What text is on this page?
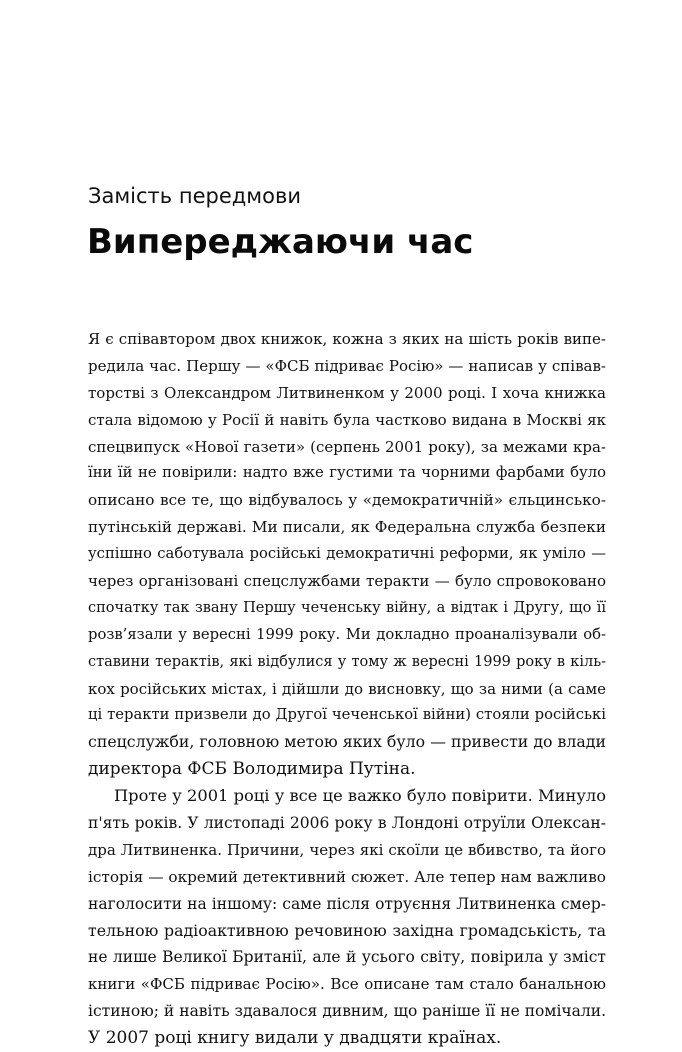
Замість передмови
Випереджаючи час
Я є співавтором двох книжок, кожна з яких на шість років випе-
редила час. Першу — «ФСБ підриває Росію» — написав у співав-
торстві з Олександром Литвиненком у 2000 році. І хоча книжка
стала відомою у Росії й навіть була частково видана в Москві як
спецвипуск «Нової газети» (серпень 2001 року), за межами кра-
їни їй не повірили: надто вже густими та чорними фарбами було
описано все те, що відбувалось у «демократичній» єльцинсько-
путінській державі. Ми писали, як Федеральна служба безпеки
успішно саботувала російські демократичні реформи, як уміло —
через організовані спецслужбами теракти — було спровоковано
спочатку так звану Першу чеченську війну, а відтак і Другу, що її
розв’язали у вересні 1999 року. Ми докладно проаналізували об-
ставини терактів, які відбулися у тому ж вересні 1999 року в кіль-
кох російських містах, і дійшли до висновку, що за ними (а саме
ці теракти призвели до Другої чеченської війни) стояли російські
спецслужби, головною метою яких було — привести до влади
директора ФСБ Володимира Путіна.
Проте у 2001 році у все це важко було повірити. Минуло
п'ять років. У листопаді 2006 року в Лондоні отруїли Олексан-
дра Литвиненка. Причини, через які скоїли це вбивство, та його
історія — окремий детективний сюжет. Але тепер нам важливо
наголосити на іншому: саме після отруєння Литвиненка смер-
тельною радіоактивною речовиною західна громадськість, та
не лише Великої Британії, але й усього світу, повірила у зміст
книги «ФСБ підриває Росію». Все описане там стало банальною
істиною; й навіть здавалося дивним, що раніше її не помічали.
У 2007 році книгу видали у двадцяти країнах.
